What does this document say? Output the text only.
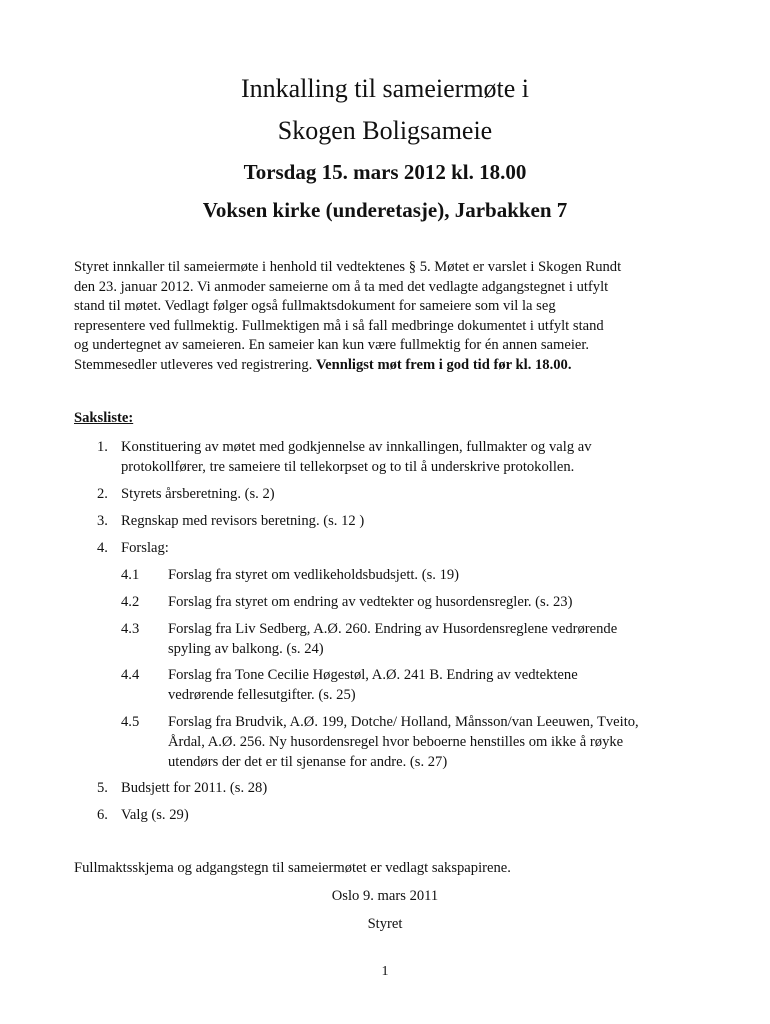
Innkalling til sameiermøte i
Skogen Boligsameie
Torsdag 15. mars 2012 kl. 18.00
Voksen kirke (underetasje), Jarbakken 7
Styret innkaller til sameiermøte i henhold til vedtektenes § 5. Møtet er varslet i Skogen Rundt
den 23. januar 2012. Vi anmoder sameierne om å ta med det vedlagte adgangstegnet i utfylt
stand til møtet. Vedlagt følger også fullmaktsdokument for sameiere som vil la seg
representere ved fullmektig. Fullmektigen må i så fall medbringe dokumentet i utfylt stand
og undertegnet av sameieren. En sameier kan kun være fullmektig for én annen sameier.
Stemmesedler utleveres ved registrering. Vennligst møt frem i god tid før kl. 18.00.
Saksliste:
1. Konstituering av møtet med godkjennelse av innkallingen, fullmakter og valg av
protokollfører, tre sameiere til tellekorpset og to til å underskrive protokollen.
2. Styrets årsberetning. (s. 2)
3. Regnskap med revisors beretning. (s. 12 )
4. Forslag:
4.1 Forslag fra styret om vedlikeholdsbudsjett. (s. 19)
4.2 Forslag fra styret om endring av vedtekter og husordensregler. (s. 23)
4.3 Forslag fra Liv Sedberg, A.Ø. 260. Endring av Husordensreglene vedrørende
spyling av balkong. (s. 24)
4.4 Forslag fra Tone Cecilie Høgestøl, A.Ø. 241 B. Endring av vedtektene
vedrørende fellesutgifter. (s. 25)
4.5 Forslag fra Brudvik, A.Ø. 199, Dotche/ Holland, Månsson/van Leeuwen, Tveito,
Årdal, A.Ø. 256. Ny husordensregel hvor beboerne henstilles om ikke å røyke
utendørs der det er til sjenanse for andre. (s. 27)
5. Budsjett for 2011. (s. 28)
6. Valg (s. 29)
Fullmaktsskjema og adgangstegn til sameiermøtet er vedlagt sakspapirene.
Oslo 9. mars 2011
Styret
1
